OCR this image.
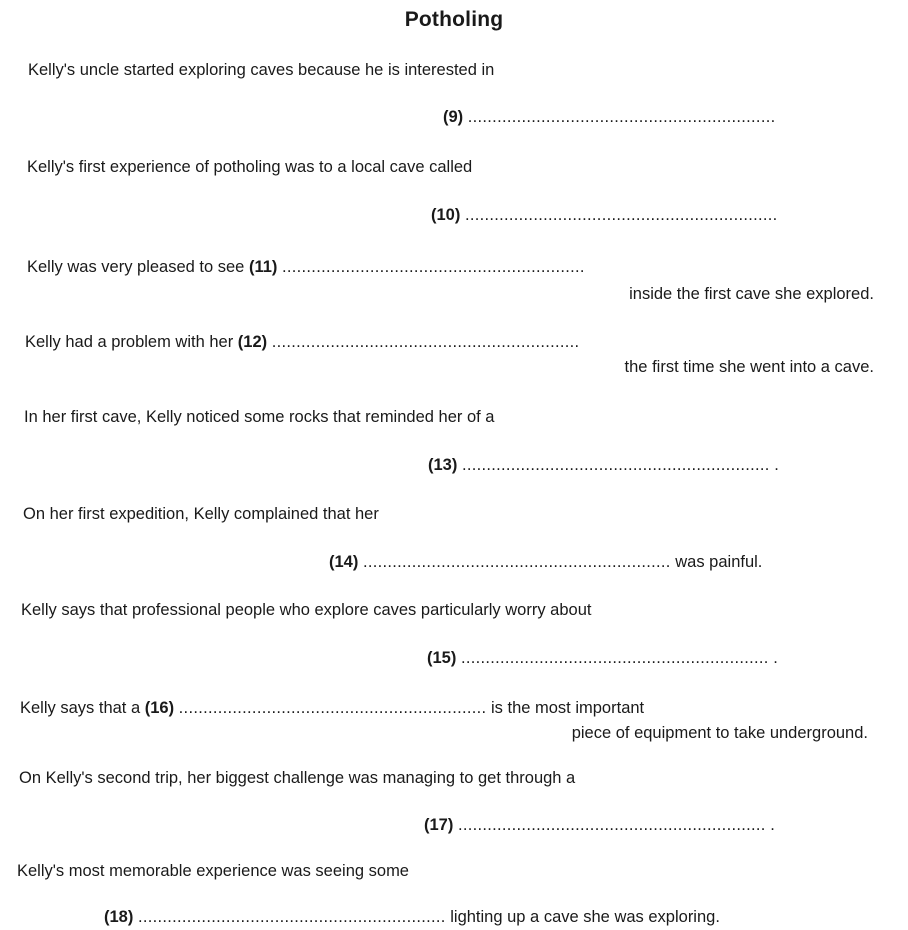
Potholing
Kelly's uncle started exploring caves because he is interested in
(9) ...............................................................
Kelly's first experience of potholing was to a local cave called
(10) ................................................................
Kelly was very pleased to see (11) ..............................................................
inside the first cave she explored.
Kelly had a problem with her (12) ...............................................................
the first time she went into a cave.
In her first cave, Kelly noticed some rocks that reminded her of a
(13) ............................................................... .
On her first expedition, Kelly complained that her
(14) ............................................................... was painful.
Kelly says that professional people who explore caves particularly worry about
(15) ............................................................... .
Kelly says that a (16) ............................................................... is the most important
piece of equipment to take underground.
On Kelly's second trip, her biggest challenge was managing to get through a
(17) ............................................................... .
Kelly's most memorable experience was seeing some
(18) ............................................................... lighting up a cave she was exploring.
